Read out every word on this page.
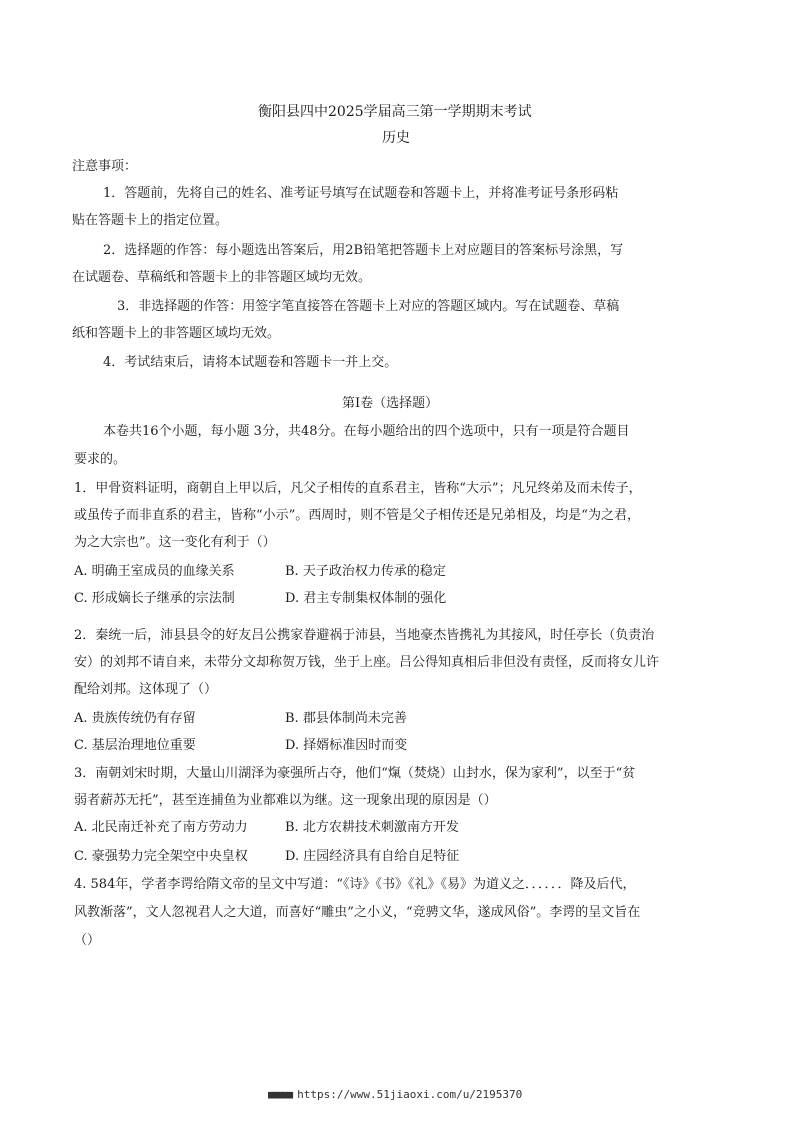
衡阳县四中2025学届高三第一学期期末考试
历史
注意事项：
1．答题前，先将自己的姓名、准考证号填写在试题卷和答题卡上，并将准考证号条形码粘
贴在答题卡上的指定位置。
2．选择题的作答：每小题选出答案后，用2B铅笔把答题卡上对应题目的答案标号涂黑，写
在试题卷、草稿纸和答题卡上的非答题区域均无效。
3．非选择题的作答：用签字笔直接答在答题卡上对应的答题区域内。写在试题卷、草稿
纸和答题卡上的非答题区域均无效。
4．考试结束后，请将本试题卷和答题卡一并上交。
第Ⅰ卷（选择题）
本卷共16个小题，每小题 3分，共48分。在每小题给出的四个选项中，只有一项是符合题目
要求的。
1．甲骨资料证明，商朝自上甲以后，凡父子相传的直系君主，皆称“大示”；凡兄终弟及而未传子，
或虽传子而非直系的君主，皆称“小示”。西周时，则不管是父子相传还是兄弟相及，均是“为之君，
为之大宗也”。这一变化有利于（）
A. 明确王室成员的血缘关系	B. 天子政治权力传承的稳定
C. 形成嫡长子继承的宗法制	D. 君主专制集权体制的强化
2．秦统一后，沛县县令的好友吕公携家眷避祸于沛县，当地豪杰皆携礼为其接风，时任亭长（负责治
安）的刘邦不请自来，未带分文却称贺万钱，坐于上座。吕公得知真相后非但没有责怪，反而将女儿许
配给刘邦。这体现了（）
A. 贵族传统仍有存留	B. 郡县体制尚未完善
C. 基层治理地位重要	D. 择婿标准因时而变
3．南朝刘宋时期，大量山川湖泽为豪强所占夺，他们“熂（焚烧）山封水，保为家利”，以至于“贫
弱者薪苏无托”，甚至连捕鱼为业都难以为继。这一现象出现的原因是（）
A. 北民南迁补充了南方劳动力	B. 北方农耕技术刺激南方开发
C. 豪强势力完全架空中央皇权	D. 庄园经济具有自给自足特征
4. 584年，学者李谔给隋文帝的呈文中写道：“《诗》《书》《礼》《易》为道义之．．．．．．降及后代，
风教渐落”，文人忽视君人之大道，而喜好“雕虫”之小义，“竞骋文华，遂成风俗”。李谔的呈文旨在
（）
■■■■■ https://www.51jiaoxi.com/u/2195370
